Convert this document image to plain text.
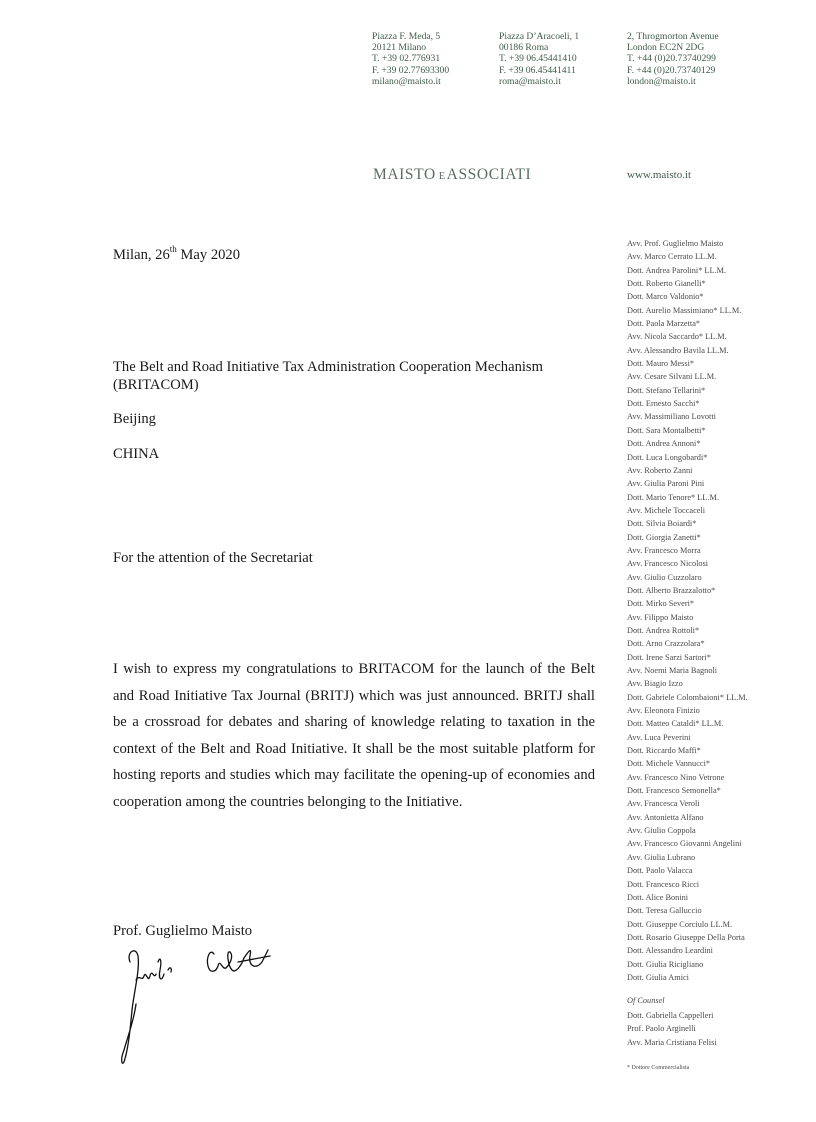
Piazza F. Meda, 5
20121 Milano
T. +39 02.776931
F. +39 02.77693300
milano@maisto.it
Piazza D’Aracoeli, 1
00186 Roma
T. +39 06.45441410
F. +39 06.45441411
roma@maisto.it
2, Throgmorton Avenue
London EC2N 2DG
T. +44 (0)20.73740299
F. +44 (0)20.73740129
london@maisto.it
MAISTO EASSOCIATI	www.maisto.it
Milan, 26th May 2020
The Belt and Road Initiative Tax Administration Cooperation Mechanism (BRITACOM)
Beijing
CHINA
For the attention of the Secretariat
I wish to express my congratulations to BRITACOM for the launch of the Belt and Road Initiative Tax Journal (BRITJ) which was just announced. BRITJ shall be a crossroad for debates and sharing of knowledge relating to taxation in the context of the Belt and Road Initiative. It shall be the most suitable platform for hosting reports and studies which may facilitate the opening-up of economies and cooperation among the countries belonging to the Initiative.
Prof. Guglielmo Maisto
Avv. Prof. Guglielmo Maisto
Avv. Marco Cerrato LL.M.
Dott. Andrea Parolini* LL.M.
Dott. Roberto Gianelli*
Dott. Marco Valdonio*
Dott. Aurelio Massimiano* LL.M.
Dott. Paola Marzetta*
Avv. Nicola Saccardo* LL.M.
Avv. Alessandro Bavila LL.M.
Dott. Mauro Messi*
Avv. Cesare Silvani LL.M.
Dott. Stefano Tellarini*
Dott. Ernesto Sacchi*
Avv. Massimiliano Lovotti
Dott. Sara Montalbetti*
Dott. Andrea Annoni*
Dott. Luca Longobardi*
Avv. Roberto Zanni
Avv. Giulia Paroni Pini
Dott. Mario Tenore* LL.M.
Avv. Michele Toccaceli
Dott. Silvia Boiardi*
Dott. Giorgia Zanetti*
Avv. Francesco Morra
Avv. Francesco Nicolosi
Avv. Giulio Cuzzolaro
Dott. Alberto Brazzalotto*
Dott. Mirko Severi*
Avv. Filippo Maisto
Dott. Andrea Rottoli*
Dott. Arno Crazzolara*
Dott. Irene Sarzi Sartori*
Avv. Noemi Maria Bagnoli
Avv. Biagio Izzo
Dott. Gabriele Colombaioni* LL.M.
Avv. Eleonora Finizio
Dott. Matteo Cataldi* LL.M.
Avv. Luca Peverini
Dott. Riccardo Maffi*
Dott. Michele Vannucci*
Avv. Francesco Nino Vetrone
Dott. Francesco Semonella*
Avv. Francesca Veroli
Avv. Antonietta Alfano
Avv. Giulio Coppola
Avv. Francesco Giovanni Angelini
Avv. Giulia Lubrano
Dott. Paolo Valacca
Dott. Francesco Ricci
Dott. Alice Bonini
Dott. Teresa Galluccio
Dott. Giuseppe Corciulo LL.M.
Dott. Rosario Giuseppe Della Porta
Dott. Alessandro Leardini
Dott. Giulia Ricigliano
Dott. Giulia Amici
Of Counsel
Dott. Gabriella Cappelleri
Prof. Paolo Arginelli
Avv. Maria Cristiana Felisi
* Dottore Commercialista
